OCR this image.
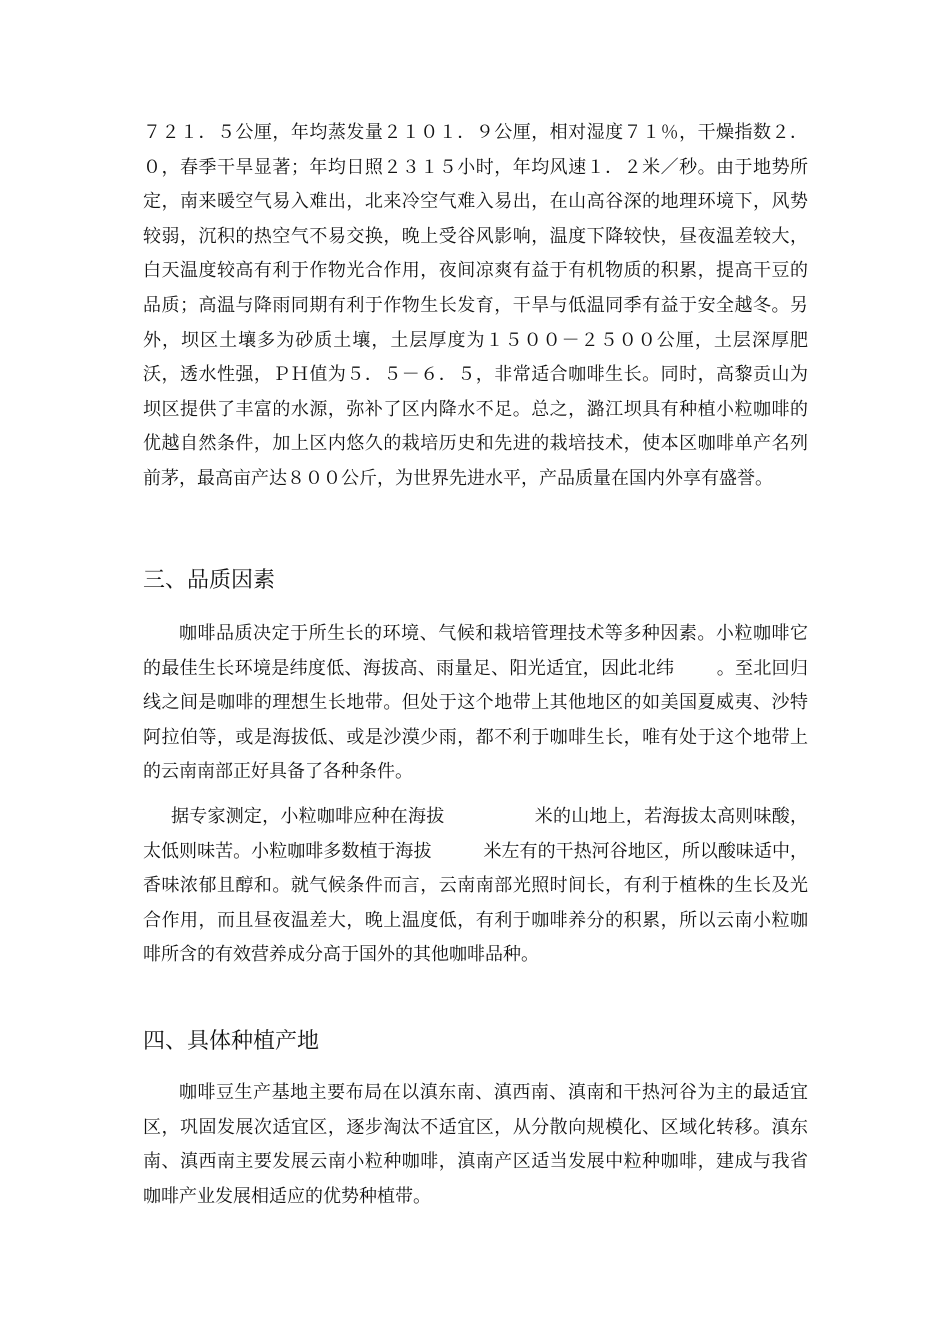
７２１．５公厘，年均蒸发量２１０１．９公厘，相对湿度７１％，干燥指数２．０，春季干旱显著；年均日照２３１５小时，年均风速１．２米／秒。由于地势所定，南来暖空气易入难出，北来冷空气难入易出，在山高谷深的地理环境下，风势较弱，沉积的热空气不易交换，晚上受谷风影响，温度下降较快，昼夜温差较大，白天温度较高有利于作物光合作用，夜间凉爽有益于有机物质的积累，提高干豆的品质；高温与降雨同期有利于作物生长发育，干旱与低温同季有益于安全越冬。另外，坝区土壤多为砂质土壤，土层厚度为１５００－２５００公厘，土层深厚肥沃，透水性强，ＰＨ值为５．５－６．５，非常适合咖啡生长。同时，高黎贡山为坝区提供了丰富的水源，弥补了区内降水不足。总之，潞江坝具有种植小粒咖啡的优越自然条件，加上区内悠久的栽培历史和先进的栽培技术，使本区咖啡单产名列前茅，最高亩产达８００公斤，为世界先进水平，产品质量在国内外享有盛誉。

三、品质因素

咖啡品质决定于所生长的环境、气候和栽培管理技术等多种因素。小粒咖啡它的最佳生长环境是纬度低、海拔高、雨量足、阳光适宜，因此北纬 。至北回归线之间是咖啡的理想生长地带。但处于这个地带上其他地区的如美国夏威夷、沙特阿拉伯等，或是海拔低、或是沙漠少雨，都不利于咖啡生长，唯有处于这个地带上的云南南部正好具备了各种条件。

据专家测定，小粒咖啡应种在海拔	米的山地上，若海拔太高则味酸，太低则味苦。小粒咖啡多数植于海拔	米左有的干热河谷地区，所以酸味适中，香味浓郁且醇和。就气候条件而言，云南南部光照时间长，有利于植株的生长及光合作用，而且昼夜温差大，晚上温度低，有利于咖啡养分的积累，所以云南小粒咖啡所含的有效营养成分高于国外的其他咖啡品种。

四、具体种植产地

咖啡豆生产基地主要布局在以滇东南、滇西南、滇南和干热河谷为主的最适宜区，巩固发展次适宜区，逐步淘汰不适宜区，从分散向规模化、区域化转移。滇东南、滇西南主要发展云南小粒种咖啡，滇南产区适当发展中粒种咖啡，建成与我省咖啡产业发展相适应的优势种植带。
